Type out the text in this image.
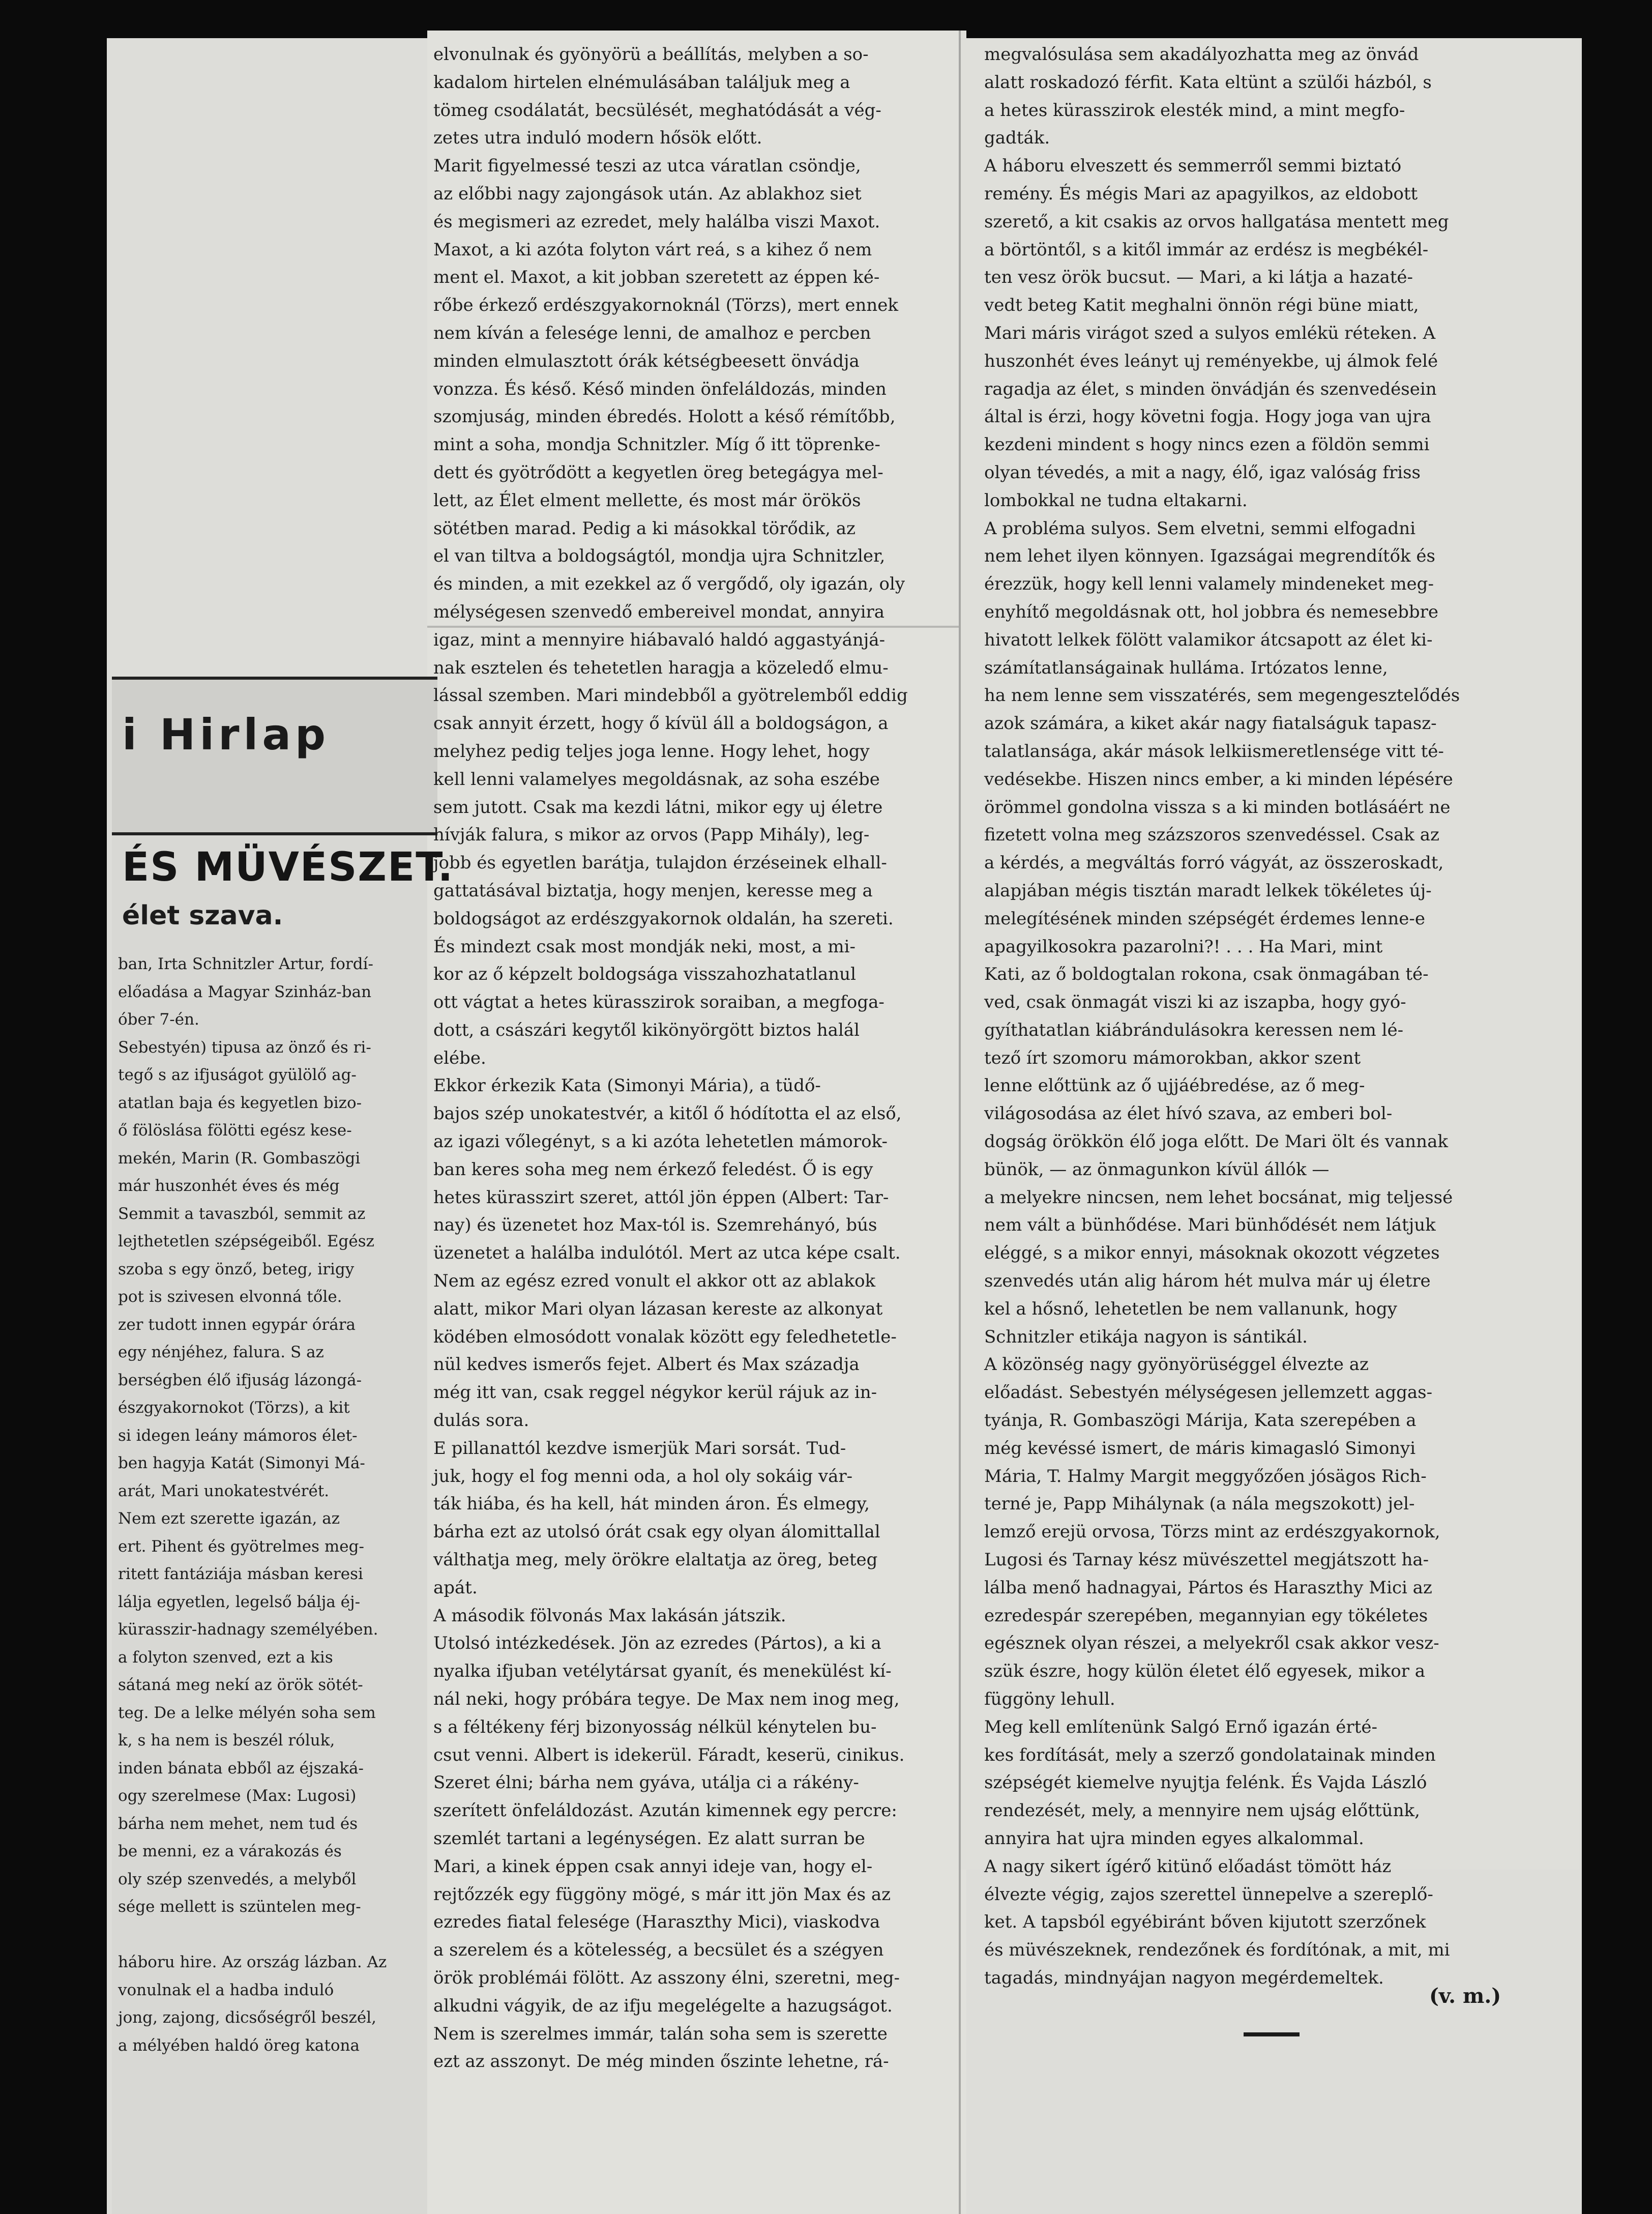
i Hirlap
ÉS MÜVÉSZET.
élet szava.

ban, Irta Schnitzler Artur, fordí-

előadása a Magyar Szinház-ban

óber 7-én.

Sebestyén) tipusa az önző és ri-

tegő s az ifjuságot gyülölő ag-

atatlan baja és kegyetlen bizo-

ő fölöslása fölötti egész kese-

mekén, Marin (R. Gombaszögi

már huszonhét éves és még

Semmit a tavaszból, semmit az

lejthetetlen szépségeiből. Egész

szoba s egy önző, beteg, irigy

pot is szivesen elvonná tőle.

zer tudott innen egypár órára

egy nénjéhez, falura. S az

berségben élő ifjuság lázongá-

észgyakornokot (Törzs), a kit

si idegen leány mámoros élet-

ben hagyja Katát (Simonyi Má-

arát, Mari unokatestvérét.

Nem ezt szerette igazán, az

ert. Pihent és gyötrelmes meg-

ritett fantáziája másban keresi

lálja egyetlen, legelső bálja éj-

kürasszir-hadnagy személyében.

a folyton szenved, ezt a kis

sátaná meg nekí az örök sötét-

teg. De a lelke mélyén soha sem

k, s ha nem is beszél róluk,

inden bánata ebből az éjszaká-

ogy szerelmese (Max: Lugosi)

bárha nem mehet, nem tud és

be menni, ez a várakozás és

oly szép szenvedés, a melyből

sége mellett is szüntelen meg-

háboru hire. Az ország lázban. Az

vonulnak el a hadba induló

jong, zajong, dicsőségről beszél,

a mélyében haldó öreg katona

elvonulnak és gyönyörü a beállítás, melyben a so-

kadalom hirtelen elnémulásában találjuk meg a

tömeg csodálatát, becsülését, meghatódását a vég-

zetes utra induló modern hősök előtt.

Marit figyelmessé teszi az utca váratlan csöndje,

az előbbi nagy zajongások után. Az ablakhoz siet

és megismeri az ezredet, mely halálba viszi Maxot.

Maxot, a ki azóta folyton várt reá, s a kihez ő nem

ment el. Maxot, a kit jobban szeretett az éppen ké-

rőbe érkező erdészgyakornoknál (Törzs), mert ennek

nem kíván a felesége lenni, de amalhoz e percben

minden elmulasztott órák kétségbeesett önvádja

vonzza. És késő. Késő minden önfeláldozás, minden

szomjuság, minden ébredés. Holott a késő rémítőbb,

mint a soha, mondja Schnitzler. Míg ő itt töprenke-

dett és gyötrődött a kegyetlen öreg betegágya mel-

lett, az Élet elment mellette, és most már örökös

sötétben marad. Pedig a ki másokkal törődik, az

el van tiltva a boldogságtól, mondja ujra Schnitzler,

és minden, a mit ezekkel az ő vergődő, oly igazán, oly

mélységesen szenvedő embereivel mondat, annyira

igaz, mint a mennyire hiábavaló haldó aggastyánjá-

nak esztelen és tehetetlen haragja a közeledő elmu-

lással szemben. Mari mindebből a gyötrelemből eddig

csak annyit érzett, hogy ő kívül áll a boldogságon, a

melyhez pedig teljes joga lenne. Hogy lehet, hogy

kell lenni valamelyes megoldásnak, az soha eszébe

sem jutott. Csak ma kezdi látni, mikor egy uj életre

hívják falura, s mikor az orvos (Papp Mihály), leg-

jobb és egyetlen barátja, tulajdon érzéseinek elhall-

gattatásával biztatja, hogy menjen, keresse meg a

boldogságot az erdészgyakornok oldalán, ha szereti.

És mindezt csak most mondják neki, most, a mi-

kor az ő képzelt boldogsága visszahozhatatlanul

ott vágtat a hetes kürasszirok soraiban, a megfoga-

dott, a császári kegytől kikönyörgött biztos halál

elébe.

Ekkor érkezik Kata (Simonyi Mária), a tüdő-

bajos szép unokatestvér, a kitől ő hódította el az első,

az igazi vőlegényt, s a ki azóta lehetetlen mámorok-

ban keres soha meg nem érkező feledést. Ő is egy

hetes kürasszirt szeret, attól jön éppen (Albert: Tar-

nay) és üzenetet hoz Max-tól is. Szemrehányó, bús

üzenetet a halálba indulótól. Mert az utca képe csalt.

Nem az egész ezred vonult el akkor ott az ablakok

alatt, mikor Mari olyan lázasan kereste az alkonyat

ködében elmosódott vonalak között egy feledhetetle-

nül kedves ismerős fejet. Albert és Max századja

még itt van, csak reggel négykor kerül rájuk az in-

dulás sora.

E pillanattól kezdve ismerjük Mari sorsát. Tud-

juk, hogy el fog menni oda, a hol oly sokáig vár-

ták hiába, és ha kell, hát minden áron. És elmegy,

bárha ezt az utolsó órát csak egy olyan álomittallal

válthatja meg, mely örökre elaltatja az öreg, beteg

apát.

A második fölvonás Max lakásán játszik.

Utolsó intézkedések. Jön az ezredes (Pártos), a ki a

nyalka ifjuban vetélytársat gyanít, és menekülést kí-

nál neki, hogy próbára tegye. De Max nem inog meg,

s a féltékeny férj bizonyosság nélkül kénytelen bu-

csut venni. Albert is idekerül. Fáradt, keserü, cinikus.

Szeret élni; bárha nem gyáva, utálja ci a rákény-

szerített önfeláldozást. Azután kimennek egy percre:

szemlét tartani a legénységen. Ez alatt surran be

Mari, a kinek éppen csak annyi ideje van, hogy el-

rejtőzzék egy függöny mögé, s már itt jön Max és az

ezredes fiatal felesége (Haraszthy Mici), viaskodva

a szerelem és a kötelesség, a becsület és a szégyen

örök problémái fölött. Az asszony élni, szeretni, meg-

alkudni vágyik, de az ifju megelégelte a hazugságot.

Nem is szerelmes immár, talán soha sem is szerette

ezt az asszonyt. De még minden őszinte lehetne, rá-

megvalósulása sem akadályozhatta meg az önvád

alatt roskadozó férfit. Kata eltünt a szülői házból, s

a hetes kürasszirok elesték mind, a mint megfo-

gadták.

A háboru elveszett és semmerről semmi biztató

remény. És mégis Mari az apagyilkos, az eldobott

szerető, a kit csakis az orvos hallgatása mentett meg

a börtöntől, s a kitől immár az erdész is megbékél-

ten vesz örök bucsut. — Mari, a ki látja a hazaté-

vedt beteg Katit meghalni önnön régi büne miatt,

Mari máris virágot szed a sulyos emlékü réteken. A

huszonhét éves leányt uj reményekbe, uj álmok felé

ragadja az élet, s minden önvádján és szenvedésein

által is érzi, hogy követni fogja. Hogy joga van ujra

kezdeni mindent s hogy nincs ezen a földön semmi

olyan tévedés, a mit a nagy, élő, igaz valóság friss

lombokkal ne tudna eltakarni.

A probléma sulyos. Sem elvetni, semmi elfogadni

nem lehet ilyen könnyen. Igazságai megrendítők és

érezzük, hogy kell lenni valamely mindeneket meg-

enyhítő megoldásnak ott, hol jobbra és nemesebbre

hivatott lelkek fölött valamikor átcsapott az élet ki-

számítatlanságainak hulláma. Irtózatos lenne,

ha nem lenne sem visszatérés, sem megengesztelődés

azok számára, a kiket akár nagy fiatalságuk tapasz-

talatlansága, akár mások lelkiismeretlensége vitt té-

vedésekbe. Hiszen nincs ember, a ki minden lépésére

örömmel gondolna vissza s a ki minden botlásáért ne

fizetett volna meg százszoros szenvedéssel. Csak az

a kérdés, a megváltás forró vágyát, az összeroskadt,

alapjában mégis tisztán maradt lelkek tökéletes új-

melegítésének minden szépségét érdemes lenne-e

apagyilkosokra pazarolni?! . . . Ha Mari, mint

Kati, az ő boldogtalan rokona, csak önmagában té-

ved, csak önmagát viszi ki az iszapba, hogy gyó-

gyíthatatlan kiábrándulásokra keressen nem lé-

tező írt szomoru mámorokban, akkor szent

lenne előttünk az ő ujjáébredése, az ő meg-

világosodása az élet hívó szava, az emberi bol-

dogság örökkön élő joga előtt. De Mari ölt és vannak

bünök, — az önmagunkon kívül állók —

a melyekre nincsen, nem lehet bocsánat, mig teljessé

nem vált a bünhődése. Mari bünhődését nem látjuk

eléggé, s a mikor ennyi, másoknak okozott végzetes

szenvedés után alig három hét mulva már uj életre

kel a hősnő, lehetetlen be nem vallanunk, hogy

Schnitzler etikája nagyon is sántikál.

A közönség nagy gyönyörüséggel élvezte az

előadást. Sebestyén mélységesen jellemzett aggas-

tyánja, R. Gombaszögi Márija, Kata szerepében a

még kevéssé ismert, de máris kimagasló Simonyi

Mária, T. Halmy Margit meggyőzően jósägos Rich-

terné je, Papp Mihálynak (a nála megszokott) jel-

lemző erejü orvosa, Törzs mint az erdészgyakornok,

Lugosi és Tarnay kész müvészettel megjátszott ha-

lálba menő hadnagyai, Pártos és Haraszthy Mici az

ezredespár szerepében, megannyian egy tökéletes

egésznek olyan részei, a melyekről csak akkor vesz-

szük észre, hogy külön életet élő egyesek, mikor a

függöny lehull.

Meg kell említenünk Salgó Ernő igazán érté-

kes fordítását, mely a szerző gondolatainak minden

szépségét kiemelve nyujtja felénk. És Vajda László

rendezését, mely, a mennyire nem ujság előttünk,

annyira hat ujra minden egyes alkalommal.

A nagy sikert ígérő kitünő előadást tömött ház

élvezte végig, zajos szerettel ünnepelve a szereplő-

ket. A tapsból egyébiránt bőven kijutott szerzőnek

és müvészeknek, rendezőnek és fordítónak, a mit, mi

tagadás, mindnyájan nagyon megérdemeltek.

(v. m.)
